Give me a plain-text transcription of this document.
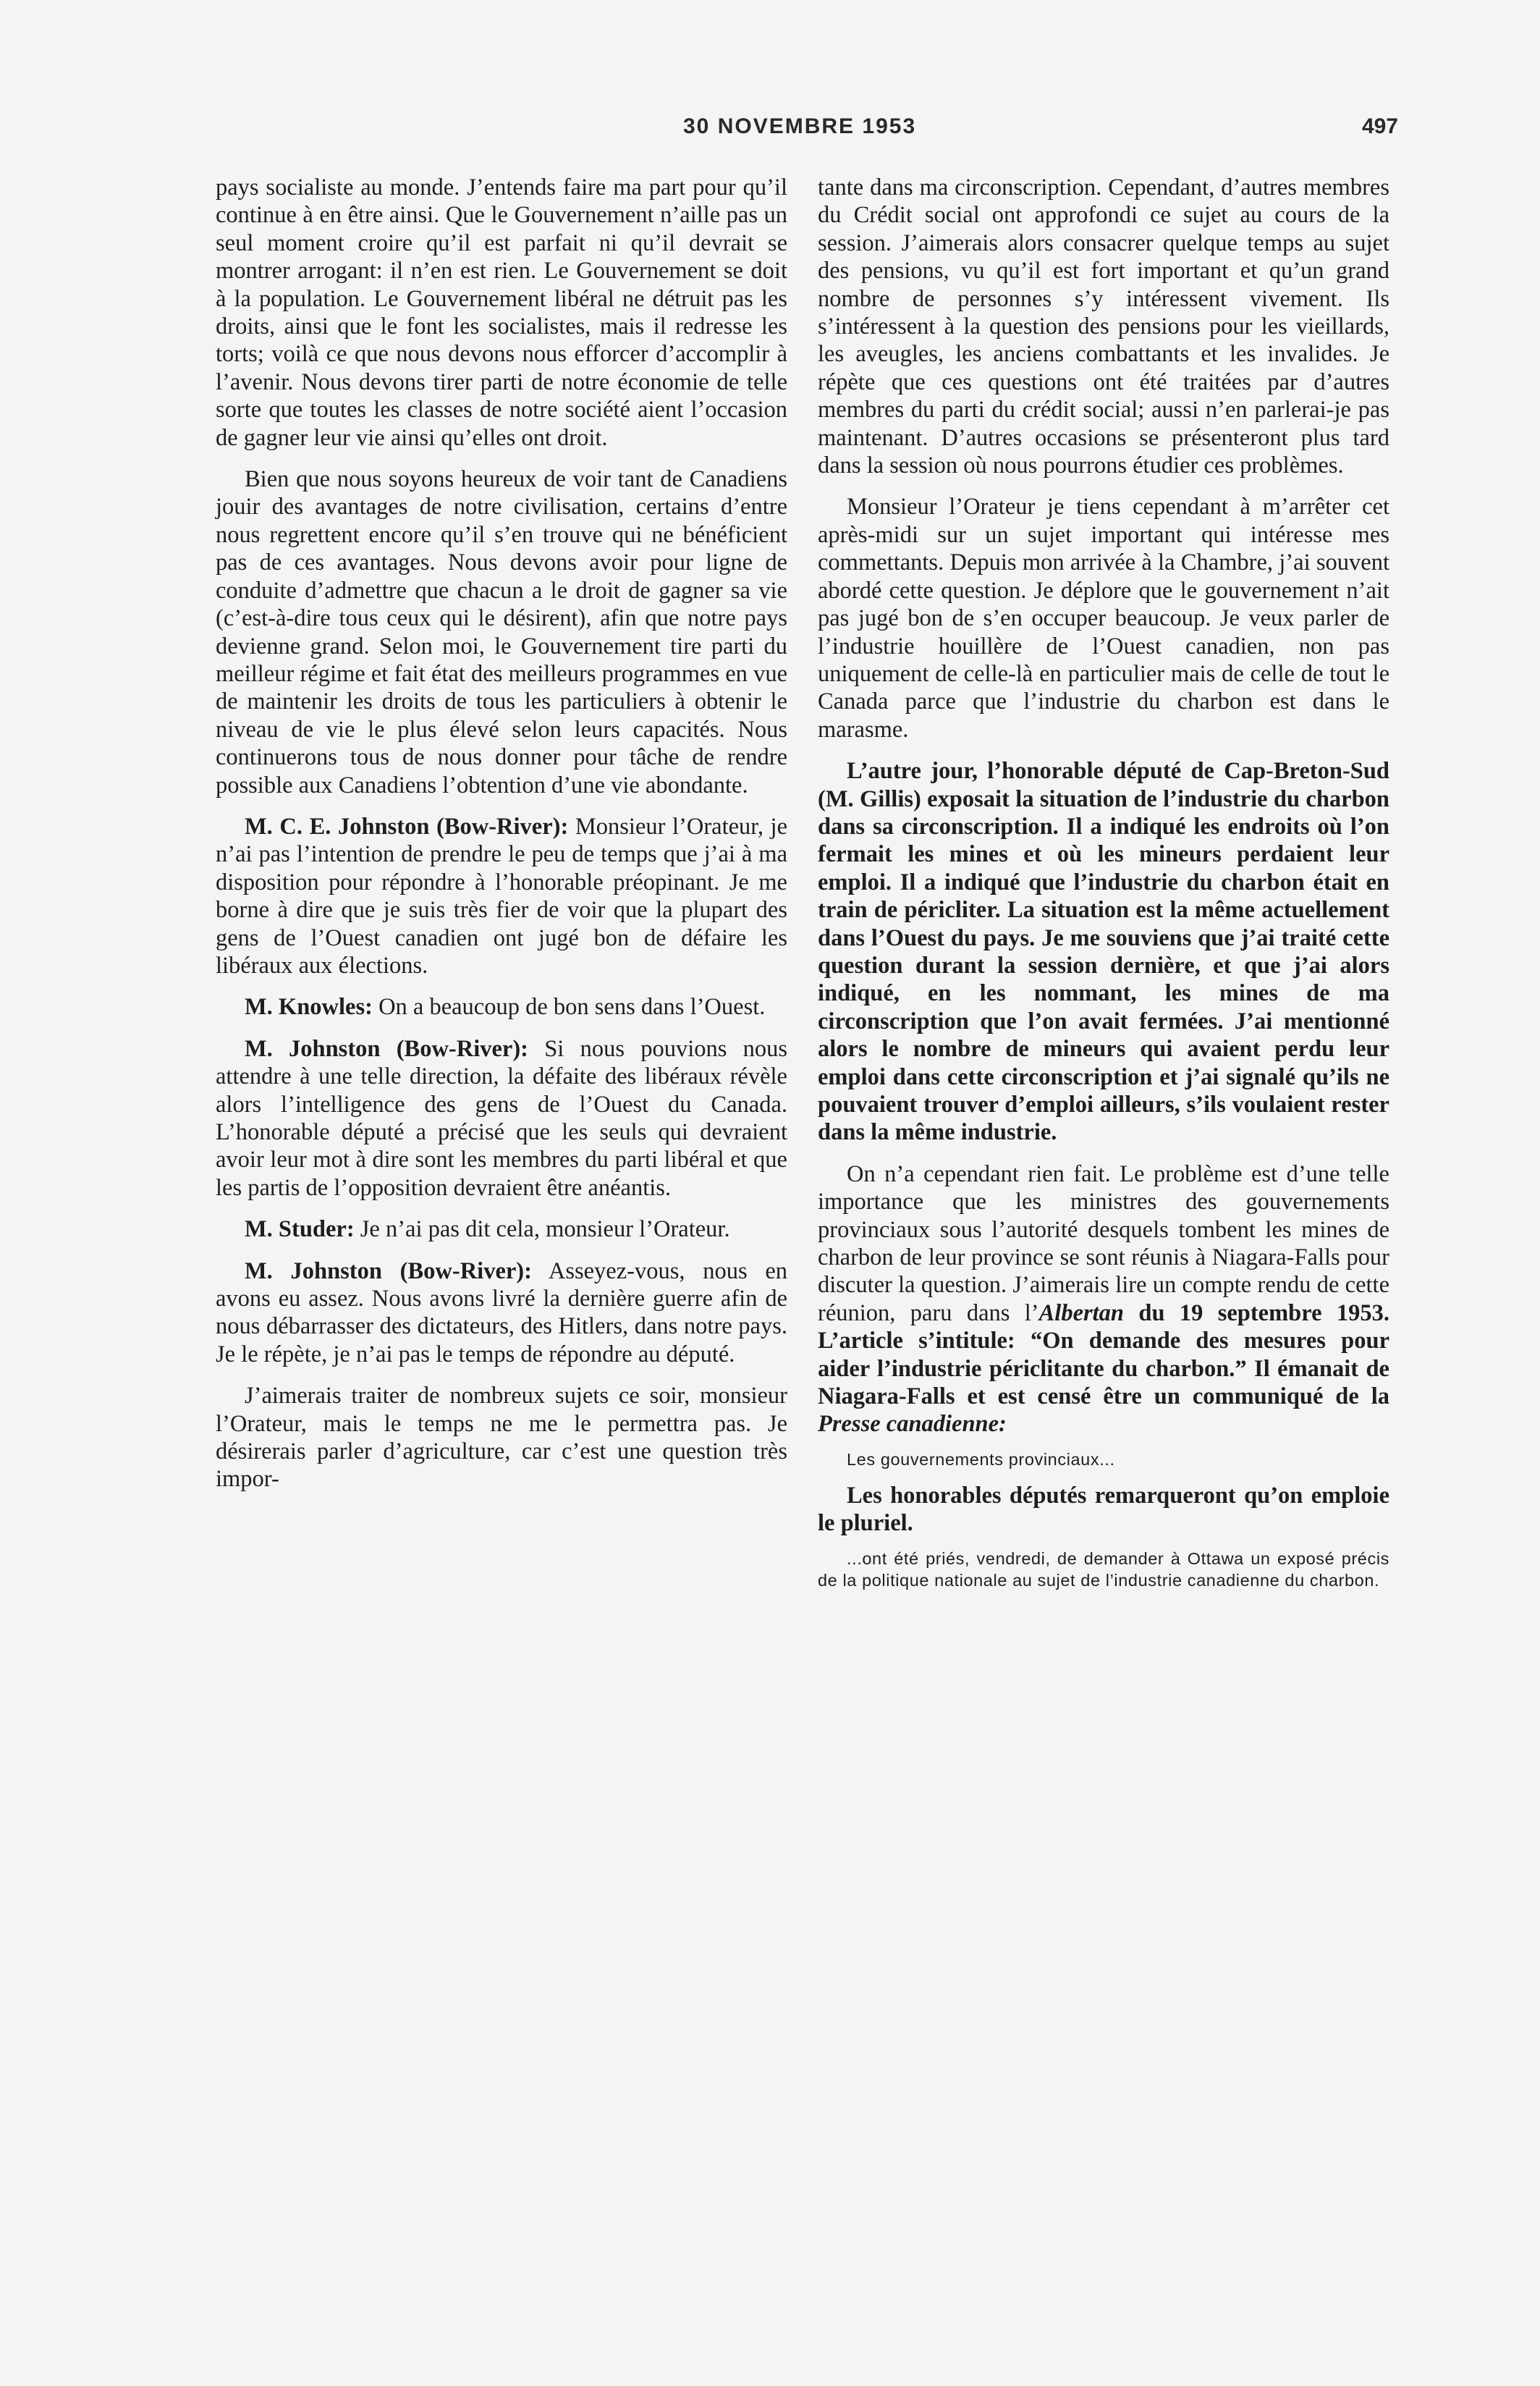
30 NOVEMBRE 1953	497

pays socialiste au monde. J’entends faire ma part pour qu’il continue à en être ainsi. Que le Gouvernement n’aille pas un seul moment croire qu’il est parfait ni qu’il devrait se montrer arrogant: il n’en est rien. Le Gouvernement se doit à la population. Le Gouvernement libéral ne détruit pas les droits, ainsi que le font les socialistes, mais il redresse les torts; voilà ce que nous devons nous efforcer d’accomplir à l’avenir. Nous devons tirer parti de notre économie de telle sorte que toutes les classes de notre société aient l’occasion de gagner leur vie ainsi qu’elles ont droit.

Bien que nous soyons heureux de voir tant de Canadiens jouir des avantages de notre civilisation, certains d’entre nous regrettent encore qu’il s’en trouve qui ne bénéficient pas de ces avantages. Nous devons avoir pour ligne de conduite d’admettre que chacun a le droit de gagner sa vie (c’est-à-dire tous ceux qui le désirent), afin que notre pays devienne grand. Selon moi, le Gouvernement tire parti du meilleur régime et fait état des meilleurs programmes en vue de maintenir les droits de tous les particuliers à obtenir le niveau de vie le plus élevé selon leurs capacités. Nous continuerons tous de nous donner pour tâche de rendre possible aux Canadiens l’obtention d’une vie abondante.

M. C. E. Johnston (Bow-River): Monsieur l’Orateur, je n’ai pas l’intention de prendre le peu de temps que j’ai à ma disposition pour répondre à l’honorable préopinant. Je me borne à dire que je suis très fier de voir que la plupart des gens de l’Ouest canadien ont jugé bon de défaire les libéraux aux élections.

M. Knowles: On a beaucoup de bon sens dans l’Ouest.

M. Johnston (Bow-River): Si nous pouvions nous attendre à une telle direction, la défaite des libéraux révèle alors l’intelligence des gens de l’Ouest du Canada. L’honorable député a précisé que les seuls qui devraient avoir leur mot à dire sont les membres du parti libéral et que les partis de l’opposition devraient être anéantis.

M. Studer: Je n’ai pas dit cela, monsieur l’Orateur.

M. Johnston (Bow-River): Asseyez-vous, nous en avons eu assez. Nous avons livré la dernière guerre afin de nous débarrasser des dictateurs, des Hitlers, dans notre pays. Je le répète, je n’ai pas le temps de répondre au député.

J’aimerais traiter de nombreux sujets ce soir, monsieur l’Orateur, mais le temps ne me le permettra pas. Je désirerais parler d’agriculture, car c’est une question très impor-

tante dans ma circonscription. Cependant, d’autres membres du Crédit social ont approfondi ce sujet au cours de la session. J’aimerais alors consacrer quelque temps au sujet des pensions, vu qu’il est fort important et qu’un grand nombre de personnes s’y intéressent vivement. Ils s’intéressent à la question des pensions pour les vieillards, les aveugles, les anciens combattants et les invalides. Je répète que ces questions ont été traitées par d’autres membres du parti du crédit social; aussi n’en parlerai-je pas maintenant. D’autres occasions se présenteront plus tard dans la session où nous pourrons étudier ces problèmes.

Monsieur l’Orateur je tiens cependant à m’arrêter cet après-midi sur un sujet important qui intéresse mes commettants. Depuis mon arrivée à la Chambre, j’ai souvent abordé cette question. Je déplore que le gouvernement n’ait pas jugé bon de s’en occuper beaucoup. Je veux parler de l’industrie houillère de l’Ouest canadien, non pas uniquement de celle-là en particulier mais de celle de tout le Canada parce que l’industrie du charbon est dans le marasme.

L’autre jour, l’honorable député de Cap-Breton-Sud (M. Gillis) exposait la situation de l’industrie du charbon dans sa circonscription. Il a indiqué les endroits où l’on fermait les mines et où les mineurs perdaient leur emploi. Il a indiqué que l’industrie du charbon était en train de péricliter. La situation est la même actuellement dans l’Ouest du pays. Je me souviens que j’ai traité cette question durant la session dernière, et que j’ai alors indiqué, en les nommant, les mines de ma circonscription que l’on avait fermées. J’ai mentionné alors le nombre de mineurs qui avaient perdu leur emploi dans cette circonscription et j’ai signalé qu’ils ne pouvaient trouver d’emploi ailleurs, s’ils voulaient rester dans la même industrie.

On n’a cependant rien fait. Le problème est d’une telle importance que les ministres des gouvernements provinciaux sous l’autorité desquels tombent les mines de charbon de leur province se sont réunis à Niagara-Falls pour discuter la question. J’aimerais lire un compte rendu de cette réunion, paru dans l’Albertan du 19 septembre 1953. L’article s’intitule: “On demande des mesures pour aider l’industrie périclitante du charbon.” Il émanait de Niagara-Falls et est censé être un communiqué de la Presse canadienne:

Les gouvernements provinciaux...

Les honorables députés remarqueront qu’on emploie le pluriel.

...ont été priés, vendredi, de demander à Ottawa un exposé précis de la politique nationale au sujet de l’industrie canadienne du charbon.
